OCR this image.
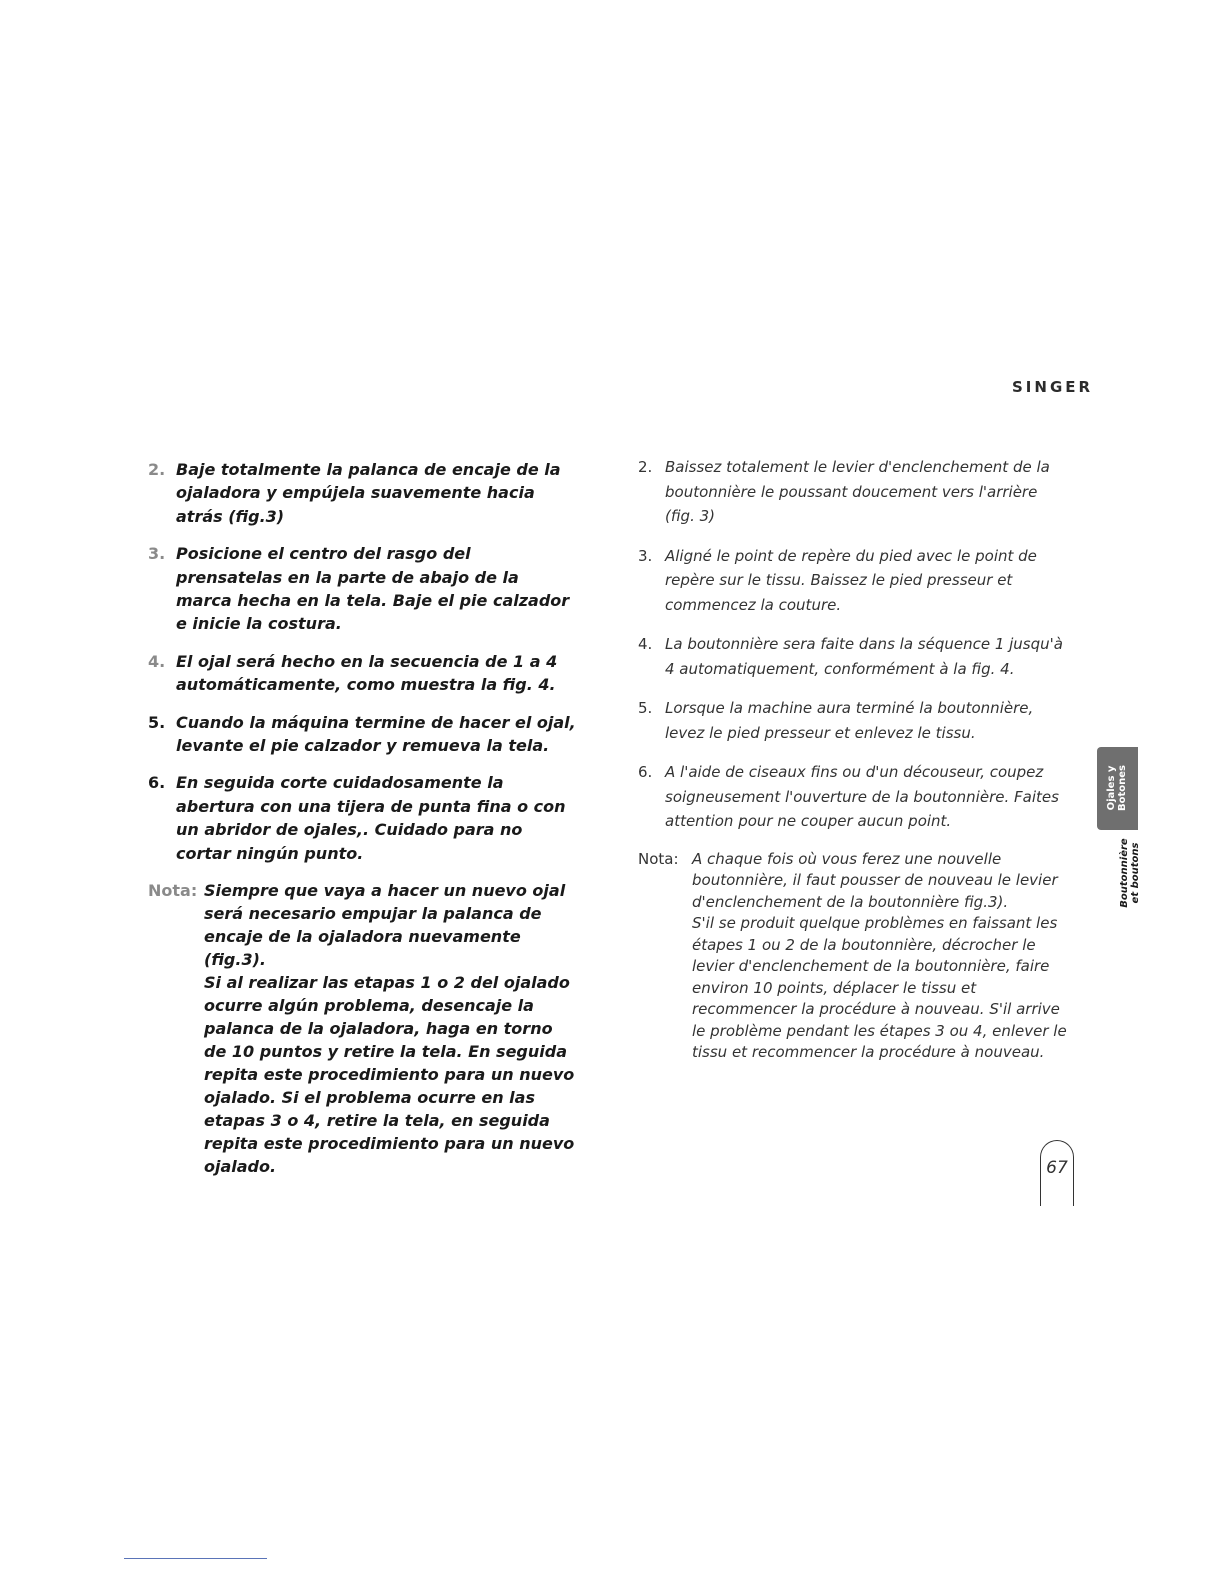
SINGER
2. Baje totalmente la palanca de encaje de la ojaladora y empújela suavemente hacia atrás (fig.3)
3. Posicione el centro del rasgo del prensatelas en la parte de abajo de la marca hecha en la tela. Baje el pie calzador e inicie la costura.
4. El ojal será hecho en la secuencia de 1 a 4 automáticamente, como muestra la fig. 4.
5. Cuando la máquina termine de hacer el ojal, levante el pie calzador y remueva la tela.
6. En seguida corte cuidadosamente la abertura con una tijera de punta fina o con un abridor de ojales,. Cuidado para no cortar ningún punto.
Nota: Siempre que vaya a hacer un nuevo ojal será necesario empujar la palanca de encaje de la ojaladora nuevamente (fig.3).

Si al realizar las etapas 1 o 2 del ojalado ocurre algún problema, desencaje la palanca de la ojaladora, haga en torno de 10 puntos y retire la tela. En seguida repita este procedimiento para un nuevo ojalado. Si el problema ocurre en las etapas 3 o 4, retire la tela, en seguida repita este procedimiento para un nuevo ojalado.

2. Baissez totalement le levier d'enclenchement de la boutonnière le poussant doucement vers l'arrière (fig. 3)
3. Aligné le point de repère du pied avec le point de repère sur le tissu. Baissez le pied presseur et commencez la couture.
4. La boutonnière sera faite dans la séquence 1 jusqu'à 4 automatiquement, conformément à la fig. 4.
5. Lorsque la machine aura terminé la boutonnière, levez le pied presseur et enlevez le tissu.
6. A l'aide de ciseaux fins ou d'un découseur, coupez soigneusement l'ouverture de la boutonnière. Faites attention pour ne couper aucun point.
Nota: A chaque fois où vous ferez une nouvelle boutonnière, il faut pousser de nouveau le levier d'enclenchement de la boutonnière fig.3).

S'il se produit quelque problèmes en faissant les étapes 1 ou 2 de la boutonnière, décrocher le levier d'enclenchement de la boutonnière, faire environ 10 points, déplacer le tissu et recommencer la procédure à nouveau. S'il arrive le problème pendant les étapes 3 ou 4, enlever le tissu et recommencer la procédure à nouveau.

Ojales y Botones
Boutonnière et boutons
67
